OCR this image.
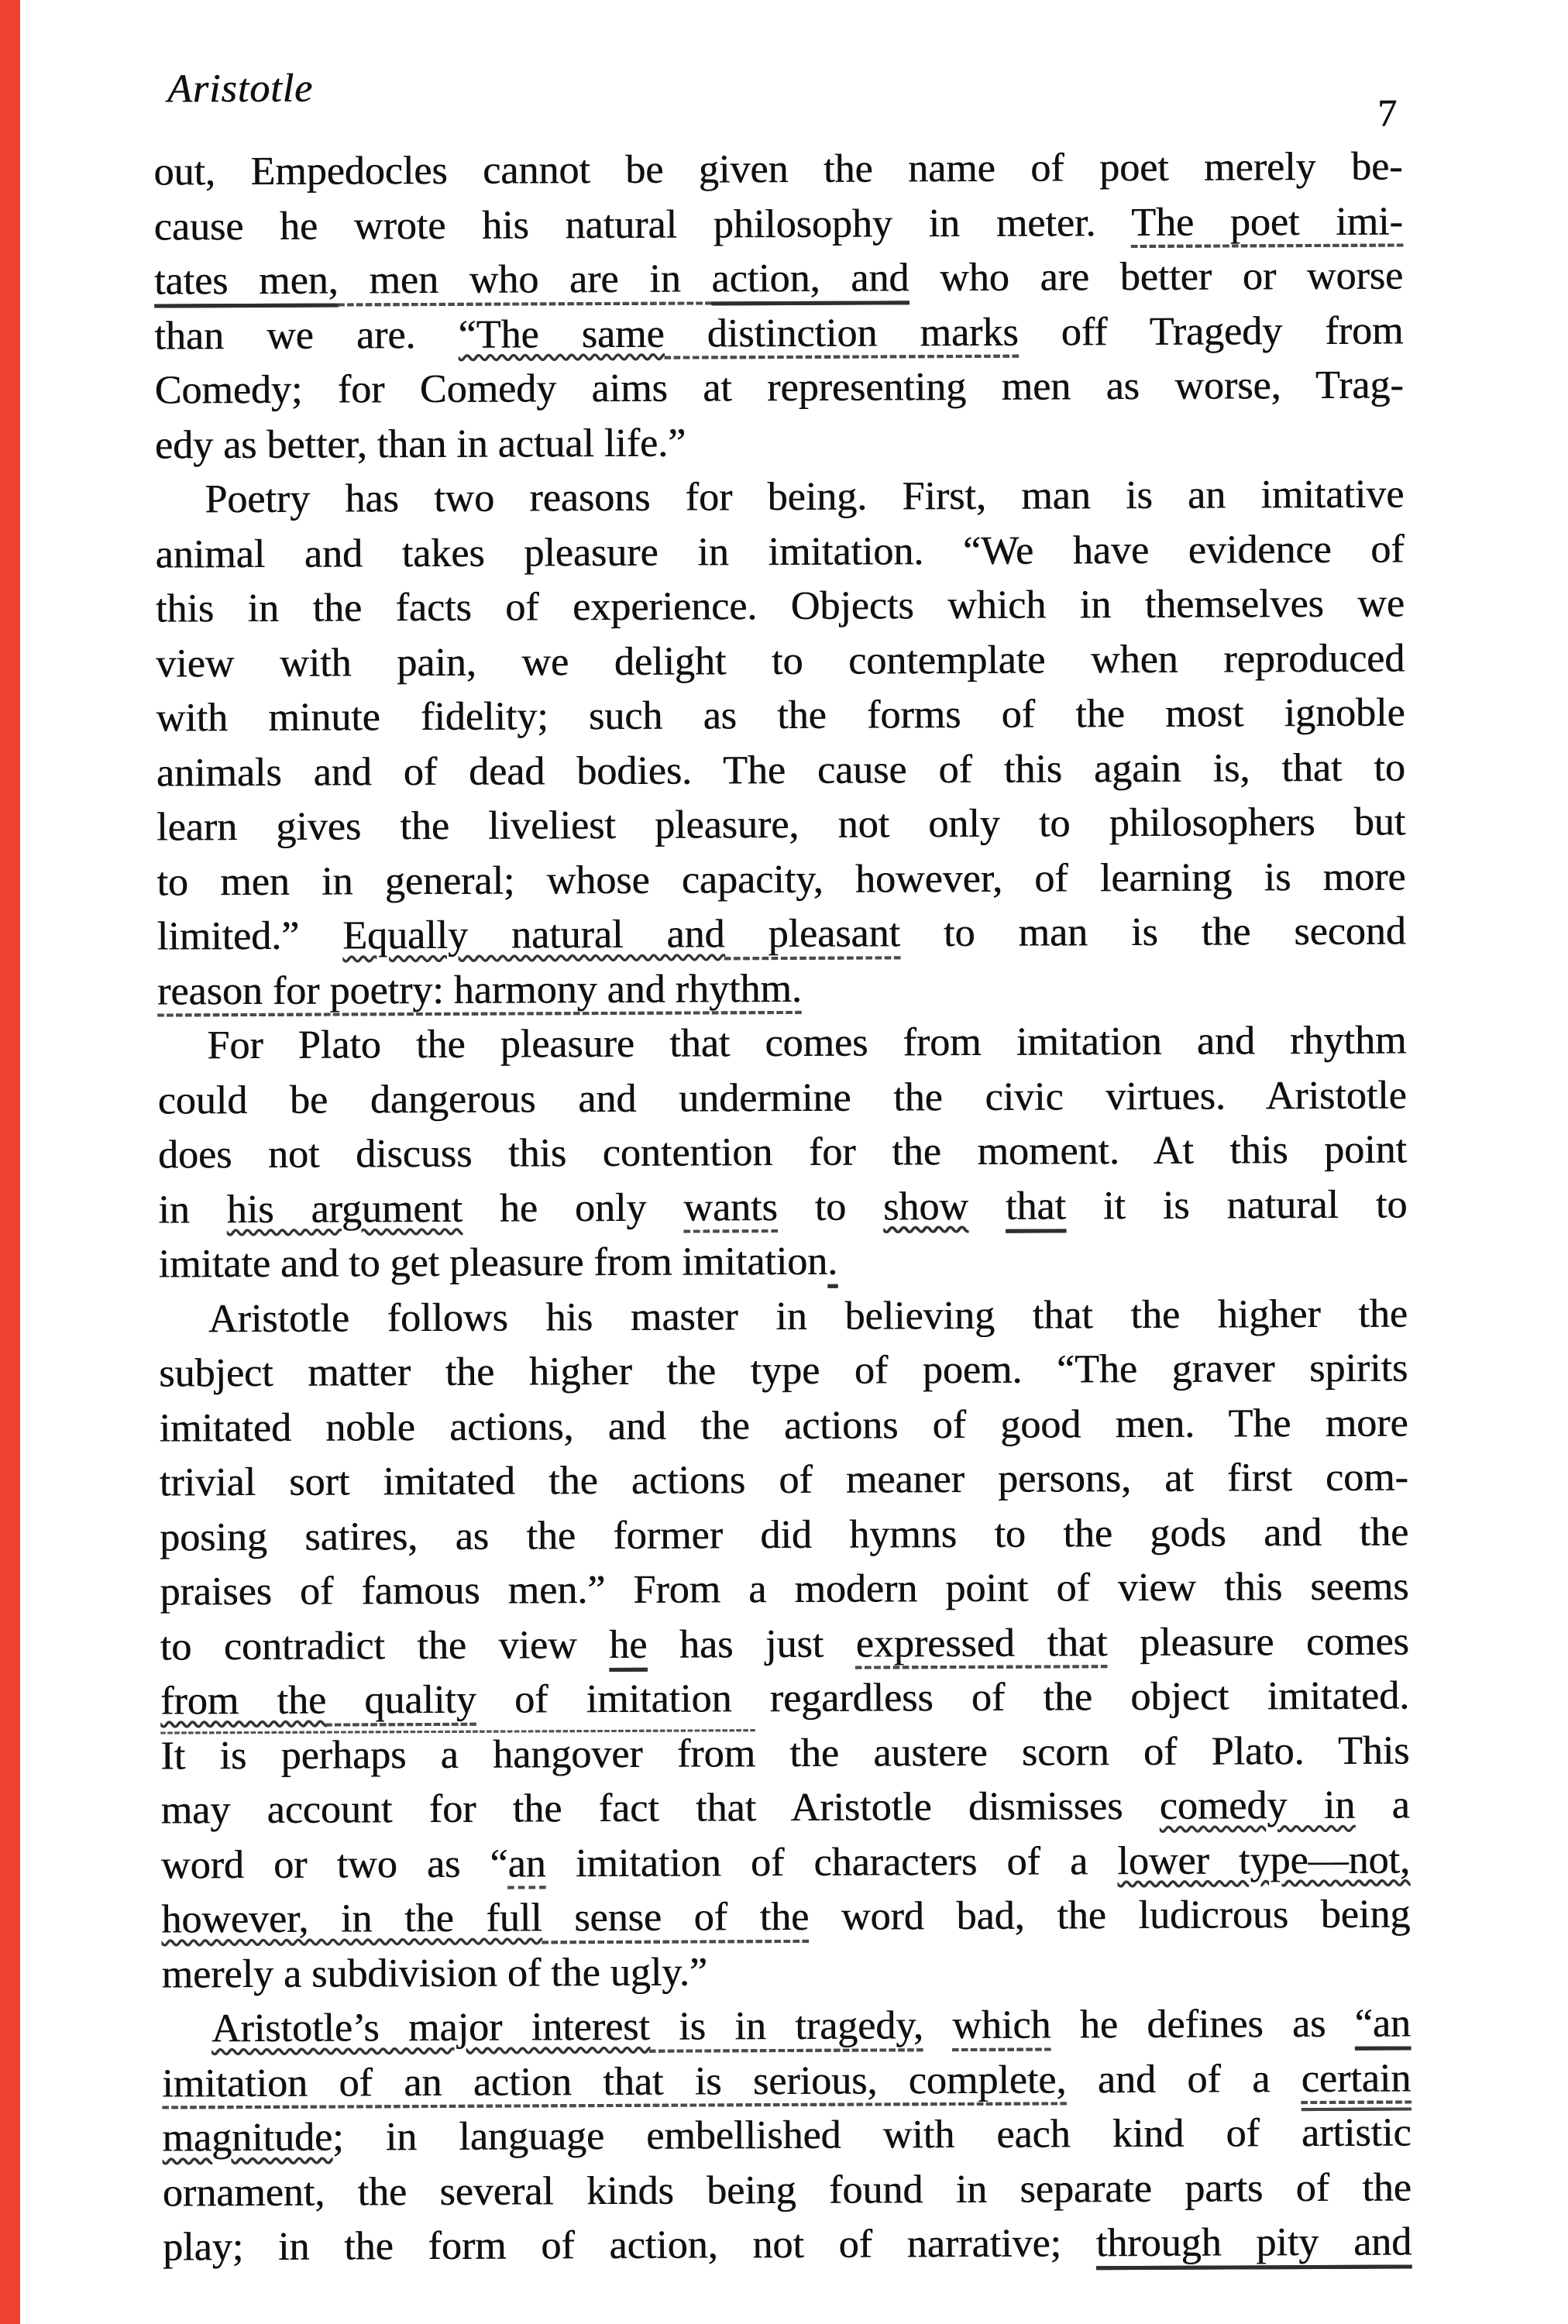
Aristotle
7
out, Empedocles cannot be given the name of poet merely be-
cause he wrote his natural philosophy in meter. The poet imi-
tates men, men who are in action, and who are better or worse
than we are. “The same distinction marks off Tragedy from
Comedy; for Comedy aims at representing men as worse, Trag-
edy as better, than in actual life.”
Poetry has two reasons for being. First, man is an imitative
animal and takes pleasure in imitation. “We have evidence of
this in the facts of experience. Objects which in themselves we
view with pain, we delight to contemplate when reproduced
with minute fidelity; such as the forms of the most ignoble
animals and of dead bodies. The cause of this again is, that to
learn gives the liveliest pleasure, not only to philosophers but
to men in general; whose capacity, however, of learning is more
limited.” Equally natural and pleasant to man is the second
reason for poetry: harmony and rhythm.
For Plato the pleasure that comes from imitation and rhythm
could be dangerous and undermine the civic virtues. Aristotle
does not discuss this contention for the moment. At this point
in his argument he only wants to show that it is natural to
imitate and to get pleasure from imitation.
Aristotle follows his master in believing that the higher the
subject matter the higher the type of poem. “The graver spirits
imitated noble actions, and the actions of good men. The more
trivial sort imitated the actions of meaner persons, at first com-
posing satires, as the former did hymns to the gods and the
praises of famous men.” From a modern point of view this seems
to contradict the view he has just expressed that pleasure comes
from the quality of imitation regardless of the object imitated.
It is perhaps a hangover from the austere scorn of Plato. This
may account for the fact that Aristotle dismisses comedy in a
word or two as “an imitation of characters of a lower type—not,
however, in the full sense of the word bad, the ludicrous being
merely a subdivision of the ugly.”
Aristotle’s major interest is in tragedy, which he defines as “an
imitation of an action that is serious, complete, and of a certain
magnitude; in language embellished with each kind of artistic
ornament, the several kinds being found in separate parts of the
play; in the form of action, not of narrative; through pity and
